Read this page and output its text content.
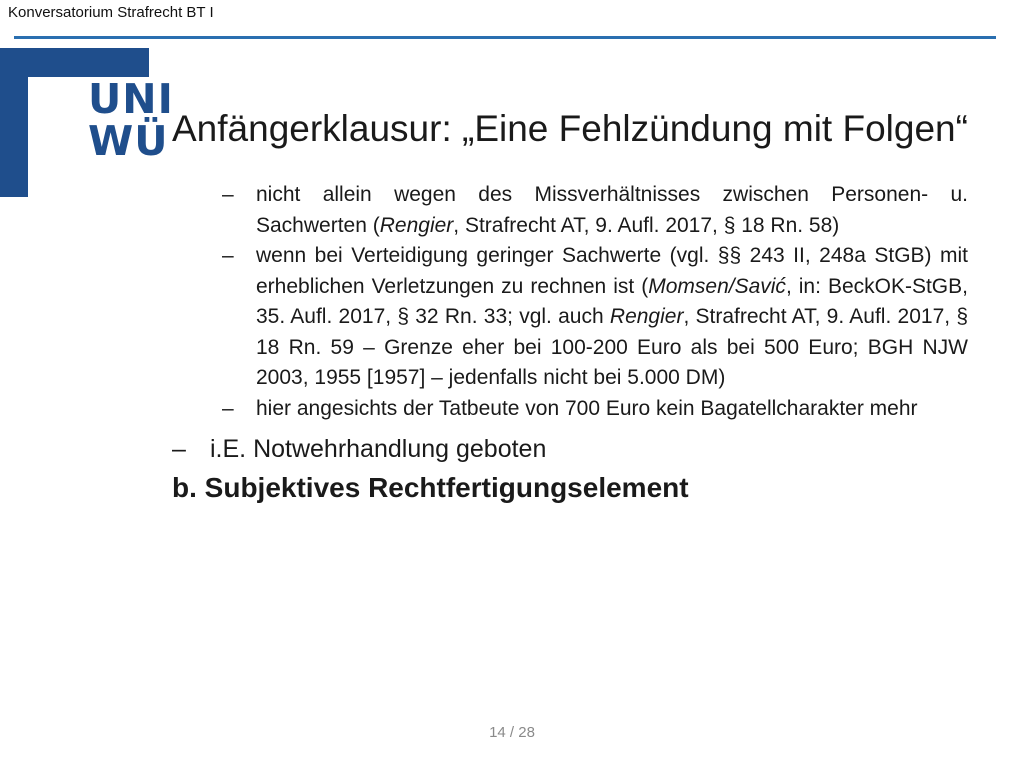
Konversatorium Strafrecht BT I
UNI
WÜ Anfängerklausur: „Eine Fehlzündung mit Folgen“
– nicht allein wegen des Missverhältnisses zwischen Personen- u. Sachwerten (Rengier, Strafrecht AT, 9. Aufl. 2017, § 18 Rn. 58)
– wenn bei Verteidigung geringer Sachwerte (vgl. §§ 243 II, 248a StGB) mit erheblichen Verletzungen zu rechnen ist (Momsen/Savić, in: BeckOK-StGB, 35. Aufl. 2017, § 32 Rn. 33; vgl. auch Rengier, Strafrecht AT, 9. Aufl. 2017, § 18 Rn. 59 – Grenze eher bei 100-200 Euro als bei 500 Euro; BGH NJW 2003, 1955 [1957] – jedenfalls nicht bei 5.000 DM)
– hier angesichts der Tatbeute von 700 Euro kein Bagatellcharakter mehr
– i.E. Notwehrhandlung geboten
b. Subjektives Rechtfertigungselement
14 / 28
